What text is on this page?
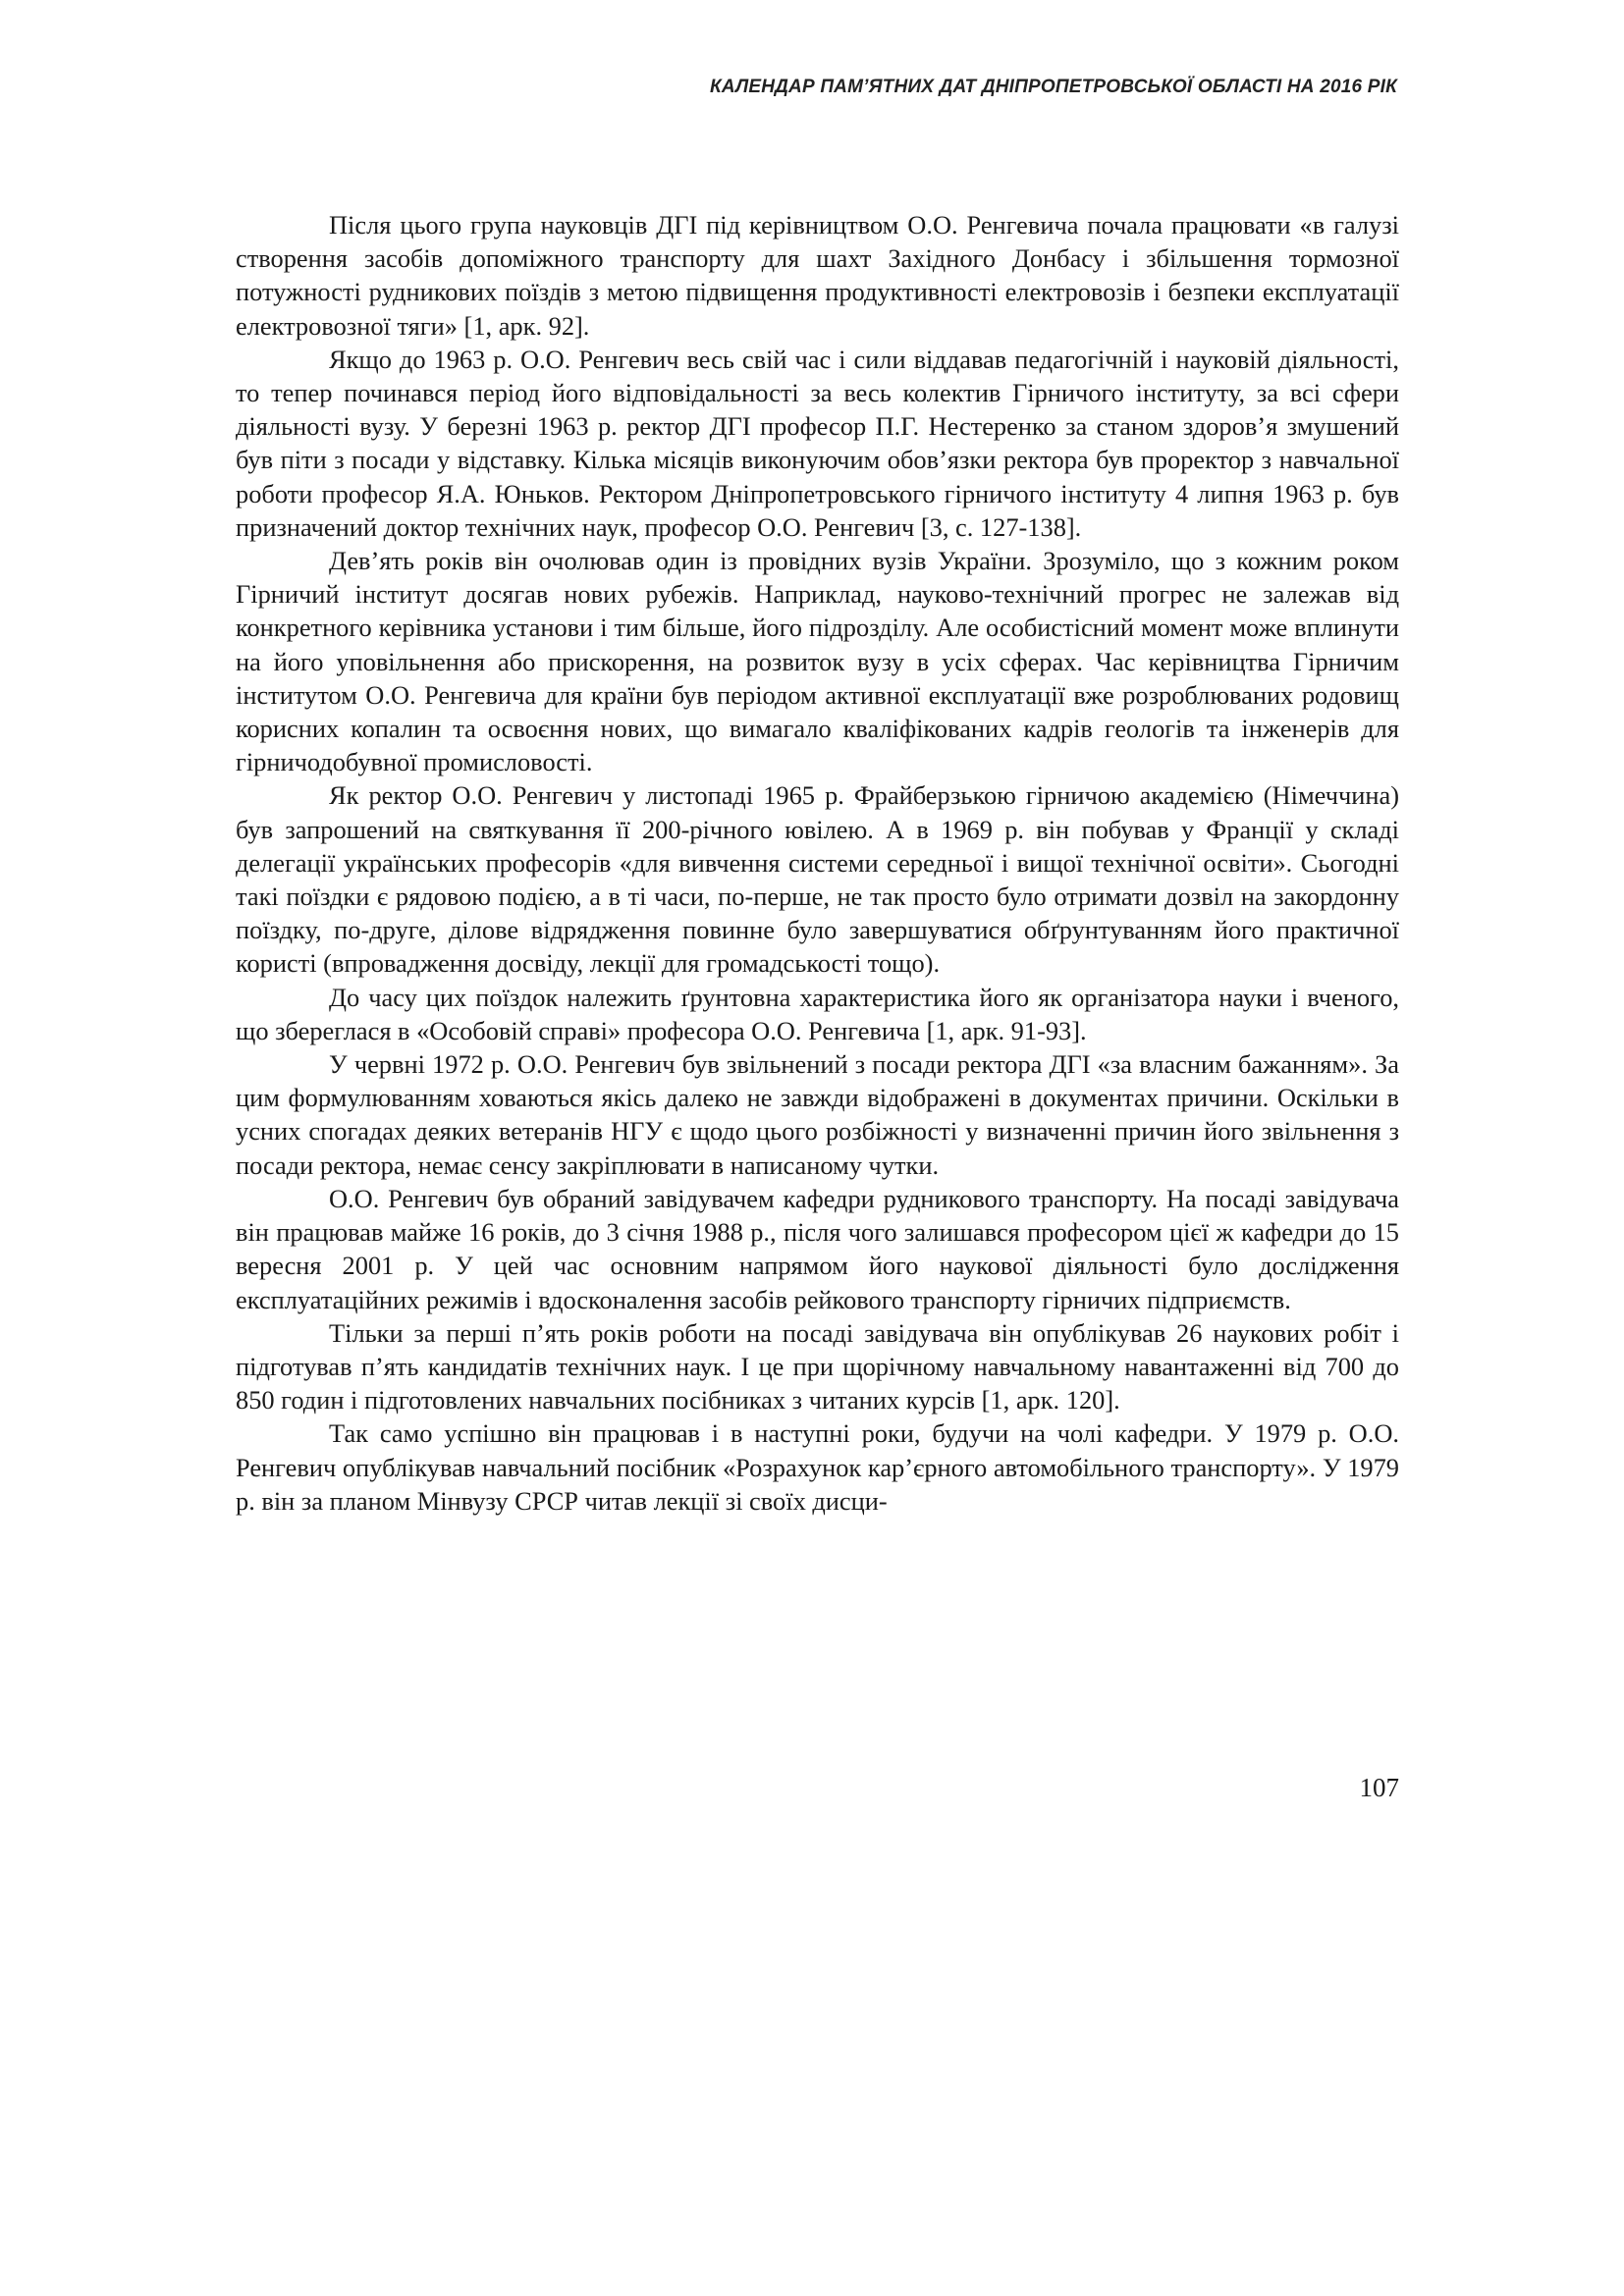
КАЛЕНДАР ПАМ’ЯТНИХ ДАТ ДНІПРОПЕТРОВСЬКОЇ ОБЛАСТІ НА 2016 РІК

Після цього група науковців ДГІ під керівництвом О.О. Ренгевича почала працювати «в галузі створення засобів допоміжного транспорту для шахт Західного Донбасу і збільшення тормозної потужності рудникових поїздів з метою підвищення продуктивності електровозів і безпеки експлуатації електровозної тяги» [1, арк. 92].

Якщо до 1963 р. О.О. Ренгевич весь свій час і сили віддавав педагогічній і науковій діяльності, то тепер починався період його відповідальності за весь колектив Гірничого інституту, за всі сфери діяльності вузу. У березні 1963 р. ректор ДГІ професор П.Г. Нестеренко за станом здоров’я змушений був піти з посади у відставку. Кілька місяців виконуючим обов’язки ректора був проректор з навчальної роботи професор Я.А. Юньков. Ректором Дніпропетровського гірничого інституту 4 липня 1963 р. був призначений доктор технічних наук, професор О.О. Ренгевич [3, с. 127-138].

Дев’ять років він очолював один із провідних вузів України. Зрозуміло, що з кожним роком Гірничий інститут досягав нових рубежів. Наприклад, науково-технічний прогрес не залежав від конкретного керівника установи і тим більше, його підрозділу. Але особистісний момент може вплинути на його уповільнення або прискорення, на розвиток вузу в усіх сферах. Час керівництва Гірничим інститутом О.О. Ренгевича для країни був періодом активної експлуатації вже розроблюваних родовищ корисних копалин та освоєння нових, що вимагало кваліфікованих кадрів геологів та інженерів для гірничодобувної промисловості.

Як ректор О.О. Ренгевич у листопаді 1965 р. Фрайберзькою гірничою академією (Німеччина) був запрошений на святкування її 200-річного ювілею. А в 1969 р. він побував у Франції у складі делегації українських професорів «для вивчення системи середньої і вищої технічної освіти». Сьогодні такі поїздки є рядовою подією, а в ті часи, по-перше, не так просто було отримати дозвіл на закордонну поїздку, по-друге, ділове відрядження повинне було завершуватися обґрунтуванням його практичної користі (впровадження досвіду, лекції для громадськості тощо).

До часу цих поїздок належить ґрунтовна характеристика його як організатора науки і вченого, що збереглася в «Особовій справі» професора О.О. Ренгевича [1, арк. 91-93].

У червні 1972 р. О.О. Ренгевич був звільнений з посади ректора ДГІ «за власним бажанням». За цим формулюванням ховаються якісь далеко не завжди відображені в документах причини. Оскільки в усних спогадах деяких ветеранів НГУ є щодо цього розбіжності у визначенні причин його звільнення з посади ректора, немає сенсу закріплювати в написаному чутки.

О.О. Ренгевич був обраний завідувачем кафедри рудникового транспорту. На посаді завідувача він працював майже 16 років, до 3 січня 1988 р., після чого залишався професором цієї ж кафедри до 15 вересня 2001 р. У цей час основним напрямом його наукової діяльності було дослідження експлуатаційних режимів і вдосконалення засобів рейкового транспорту гірничих підприємств.

Тільки за перші п’ять років роботи на посаді завідувача він опублікував 26 наукових робіт і підготував п’ять кандидатів технічних наук. І це при щорічному навчальному навантаженні від 700 до 850 годин і підготовлених навчальних посібниках з читаних курсів [1, арк. 120].

Так само успішно він працював і в наступні роки, будучи на чолі кафедри. У 1979 р. О.О. Ренгевич опублікував навчальний посібник «Розрахунок кар’єрного автомобільного транспорту». У 1979 р. він за планом Мінвузу СРСР читав лекції зі своїх дисци-

107
